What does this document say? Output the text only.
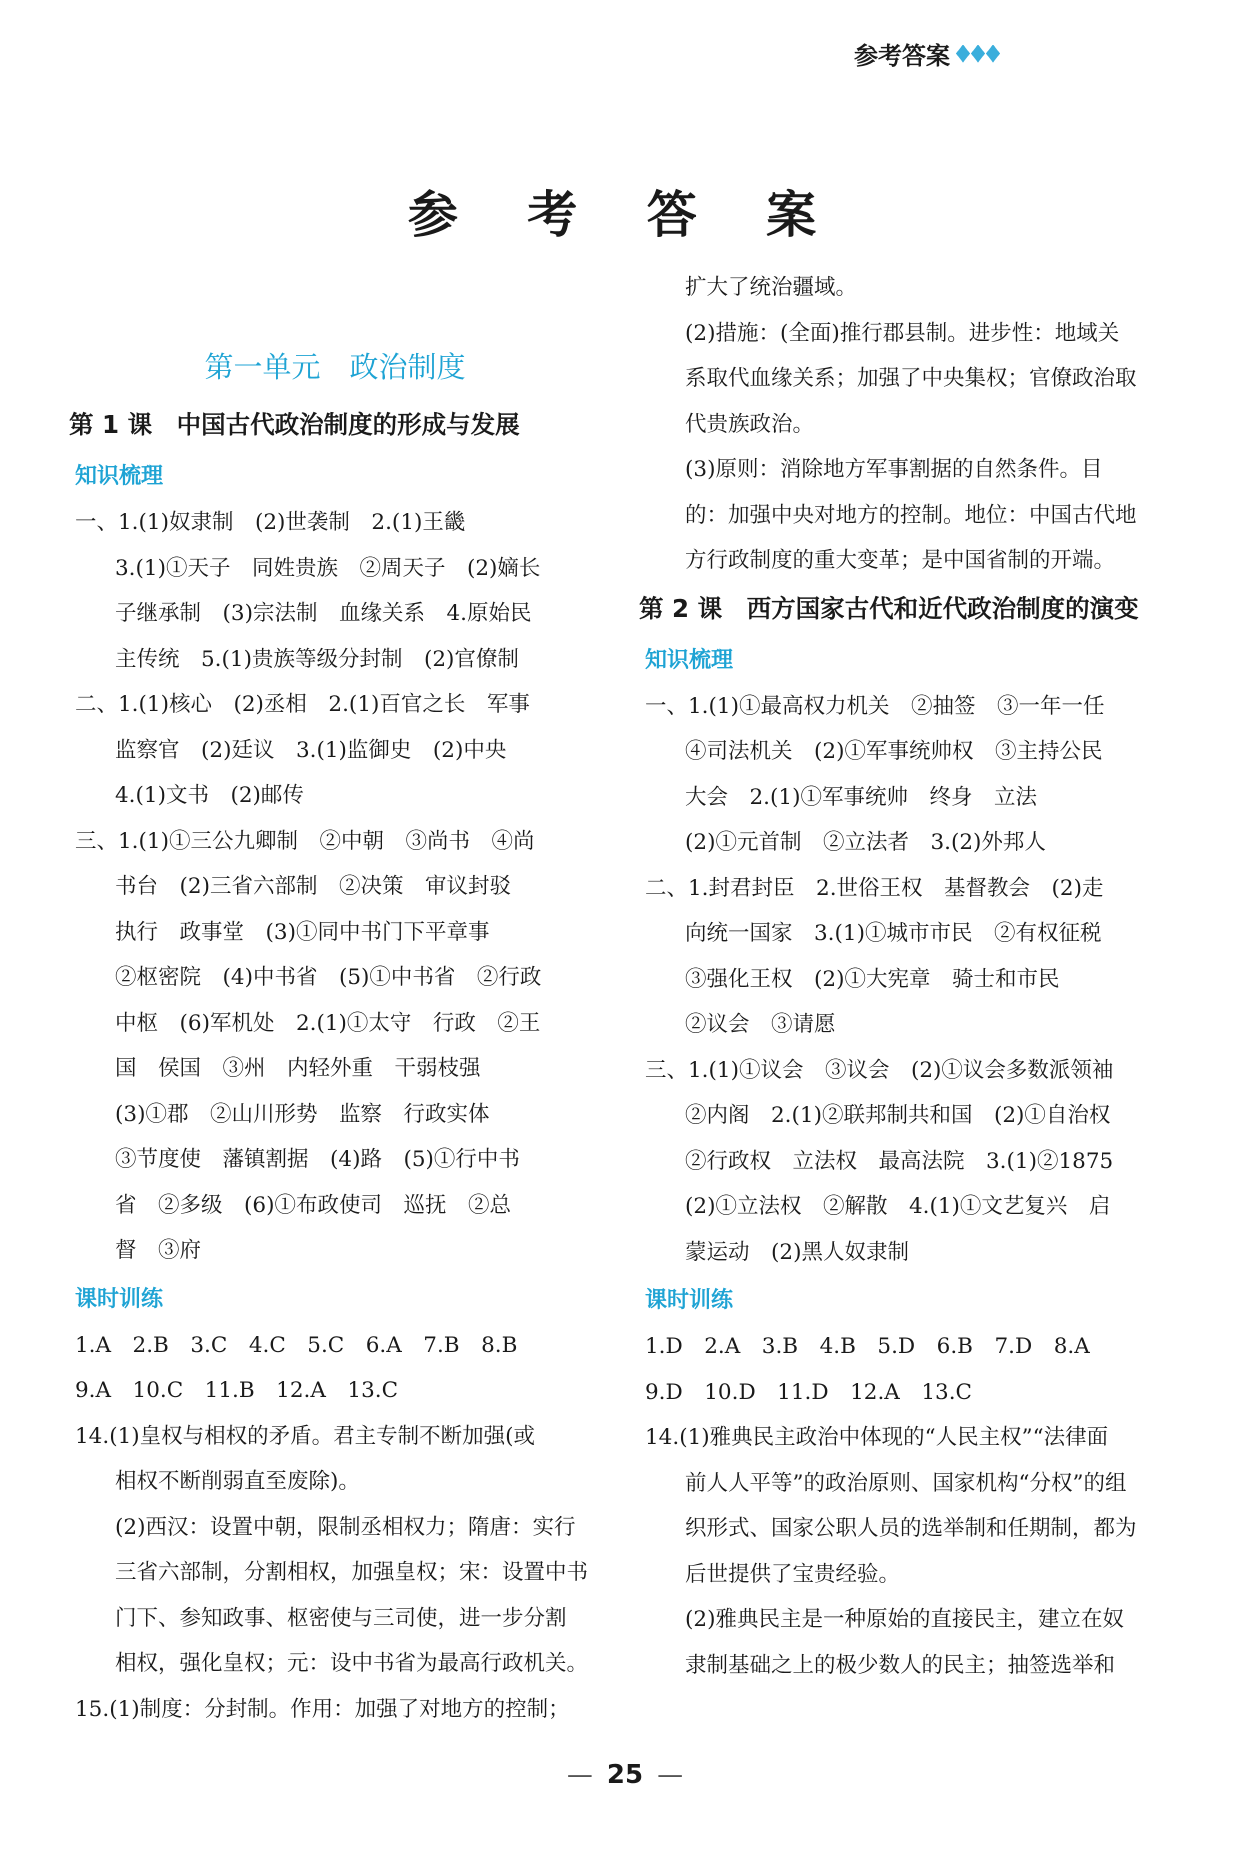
参考答案
参 考 答 案
第一单元　政治制度
第 1 课　中国古代政治制度的形成与发展
知识梳理

一、1.(1)奴隶制　(2)世袭制　2.(1)王畿

3.(1)①天子　同姓贵族　②周天子　(2)嫡长

子继承制　(3)宗法制　血缘关系　4.原始民

主传统　5.(1)贵族等级分封制　(2)官僚制

二、1.(1)核心　(2)丞相　2.(1)百官之长　军事

监察官　(2)廷议　3.(1)监御史　(2)中央

4.(1)文书　(2)邮传

三、1.(1)①三公九卿制　②中朝　③尚书　④尚

书台　(2)三省六部制　②决策　审议封驳

执行　政事堂　(3)①同中书门下平章事

②枢密院　(4)中书省　(5)①中书省　②行政

中枢　(6)军机处　2.(1)①太守　行政　②王

国　侯国　③州　内轻外重　干弱枝强

(3)①郡　②山川形势　监察　行政实体

③节度使　藩镇割据　(4)路　(5)①行中书

省　②多级　(6)①布政使司　巡抚　②总

督　③府

课时训练

1.A　2.B　3.C　4.C　5.C　6.A　7.B　8.B

9.A　10.C　11.B　12.A　13.C

14.(1)皇权与相权的矛盾。君主专制不断加强(或

相权不断削弱直至废除)。

(2)西汉：设置中朝，限制丞相权力；隋唐：实行

三省六部制，分割相权，加强皇权；宋：设置中书

门下、参知政事、枢密使与三司使，进一步分割

相权，强化皇权；元：设中书省为最高行政机关。

15.(1)制度：分封制。作用：加强了对地方的控制；

扩大了统治疆域。

(2)措施：(全面)推行郡县制。进步性：地域关

系取代血缘关系；加强了中央集权；官僚政治取

代贵族政治。

(3)原则：消除地方军事割据的自然条件。目

的：加强中央对地方的控制。地位：中国古代地

方行政制度的重大变革；是中国省制的开端。

第 2 课　西方国家古代和近代政治制度的演变
知识梳理

一、1.(1)①最高权力机关　②抽签　③一年一任

④司法机关　(2)①军事统帅权　③主持公民

大会　2.(1)①军事统帅　终身　立法

(2)①元首制　②立法者　3.(2)外邦人

二、1.封君封臣　2.世俗王权　基督教会　(2)走

向统一国家　3.(1)①城市市民　②有权征税

③强化王权　(2)①大宪章　骑士和市民

②议会　③请愿

三、1.(1)①议会　③议会　(2)①议会多数派领袖

②内阁　2.(1)②联邦制共和国　(2)①自治权

②行政权　立法权　最高法院　3.(1)②1875

(2)①立法权　②解散　4.(1)①文艺复兴　启

蒙运动　(2)黑人奴隶制

课时训练

1.D　2.A　3.B　4.B　5.D　6.B　7.D　8.A

9.D　10.D　11.D　12.A　13.C

14.(1)雅典民主政治中体现的“人民主权”“法律面

前人人平等”的政治原则、国家机构“分权”的组

织形式、国家公职人员的选举制和任期制，都为

后世提供了宝贵经验。

(2)雅典民主是一种原始的直接民主，建立在奴

隶制基础之上的极少数人的民主；抽签选举和

— 25 —
